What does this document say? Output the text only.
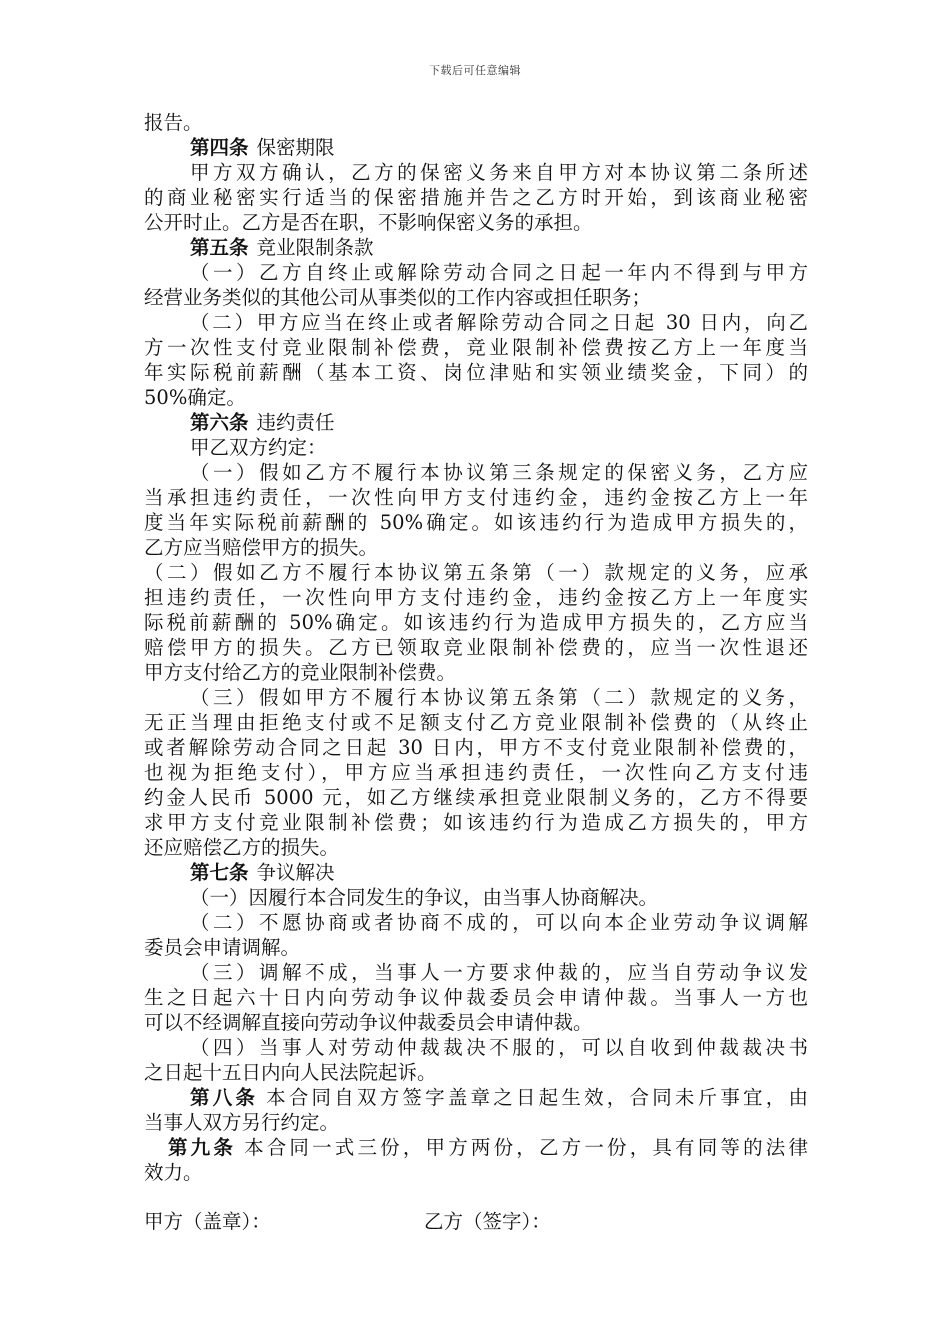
下载后可任意编辑
报告。
第四条 保密期限
甲方双方确认，乙方的保密义务来自甲方对本协议第二条所述
的商业秘密实行适当的保密措施并告之乙方时开始，到该商业秘密
公开时止。乙方是否在职，不影响保密义务的承担。
第五条 竞业限制条款
（一）乙方自终止或解除劳动合同之日起一年内不得到与甲方
经营业务类似的其他公司从事类似的工作内容或担任职务；
（二）甲方应当在终止或者解除劳动合同之日起 30 日内，向乙
方一次性支付竞业限制补偿费，竞业限制补偿费按乙方上一年度当
年实际税前薪酬（基本工资、岗位津贴和实领业绩奖金，下同）的
50%确定。
第六条 违约责任
甲乙双方约定：
（一）假如乙方不履行本协议第三条规定的保密义务，乙方应
当承担违约责任，一次性向甲方支付违约金，违约金按乙方上一年
度当年实际税前薪酬的 50%确定。如该违约行为造成甲方损失的，
乙方应当赔偿甲方的损失。
（二）假如乙方不履行本协议第五条第（一）款规定的义务，应承
担违约责任，一次性向甲方支付违约金，违约金按乙方上一年度实
际税前薪酬的 50%确定。如该违约行为造成甲方损失的，乙方应当
赔偿甲方的损失。乙方已领取竞业限制补偿费的，应当一次性退还
甲方支付给乙方的竞业限制补偿费。
（三）假如甲方不履行本协议第五条第（二）款规定的义务，
无正当理由拒绝支付或不足额支付乙方竞业限制补偿费的（从终止
或者解除劳动合同之日起 30 日内，甲方不支付竞业限制补偿费的，
也视为拒绝支付），甲方应当承担违约责任，一次性向乙方支付违
约金人民币 5000 元，如乙方继续承担竞业限制义务的，乙方不得要
求甲方支付竞业限制补偿费；如该违约行为造成乙方损失的，甲方
还应赔偿乙方的损失。
第七条 争议解决
（一）因履行本合同发生的争议，由当事人协商解决。
（二）不愿协商或者协商不成的，可以向本企业劳动争议调解
委员会申请调解。
（三）调解不成，当事人一方要求仲裁的，应当自劳动争议发
生之日起六十日内向劳动争议仲裁委员会申请仲裁。当事人一方也
可以不经调解直接向劳动争议仲裁委员会申请仲裁。
（四）当事人对劳动仲裁裁决不服的，可以自收到仲裁裁决书
之日起十五日内向人民法院起诉。
第八条 本合同自双方签字盖章之日起生效，合同未斤事宜，由
当事人双方另行约定。
第九条 本合同一式三份，甲方两份，乙方一份，具有同等的法律
效力。
甲方（盖章）：	乙方（签字）：
